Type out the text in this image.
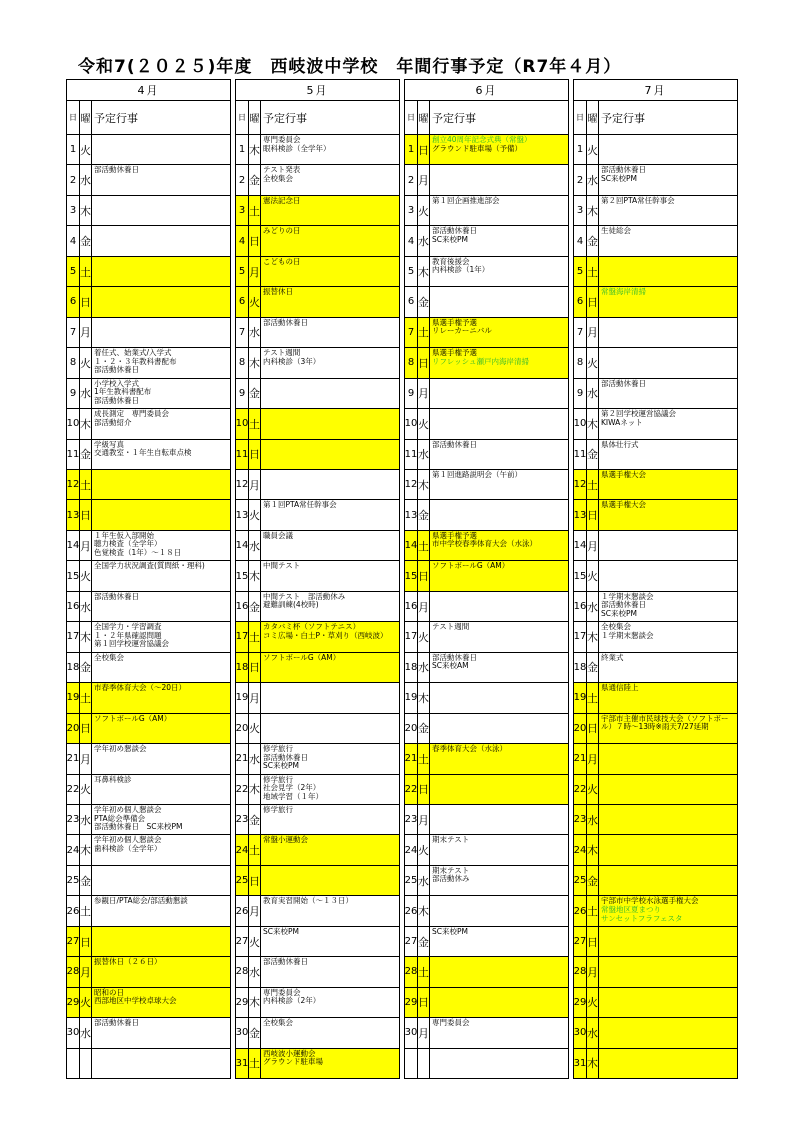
令和7(２０２５)年度　西岐波中学校　年間行事予定（R7年４月）
4月
日 曜 予定行事
1 火
2 水
部活動休養日
3 木
4 金
5 土
6 日
7 月
8 火
着任式、始業式/入学式
１・２・３年教科書配布
部活動休養日
9 水
小学校入学式
1年生教科書配布
部活動休養日
10 木
成長測定　専門委員会
部活動紹介
11 金
学級写真
交通教室・１年生自転車点検
12 土
13 日
14 月
１年生仮入部開始
聴力検査（全学年）
色覚検査（1年）～１８日
15 火
全国学力状況調査(質問紙・理科)
16 水
部活動休養日
17 木
全国学力・学習調査
１・２年県確認問題
第１回学校運営協議会
18 金
全校集会
19 土
市春季体育大会（～20日）
20 日
ソフトボールG（AM）
21 月
学年初め懇談会
22 火
耳鼻科検診
23 水
学年初め個人懇談会
PTA総会準備会
部活動休養日　SC来校PM
24 木
学年初め個人懇談会
歯科検診（全学年）
25 金
26 土
参観日/PTA総会/部活動懇談
27 日
28 月
振替休日（２６日）
29 火
昭和の日
西部地区中学校卓球大会
30 水
部活動休養日
5月
日 曜 予定行事
1 木
専門委員会
眼科検診（全学年）
2 金
テスト発表
全校集会
3 土
憲法記念日
4 日
みどりの日
5 月
こどもの日
6 火
振替休日
7 水
部活動休養日
8 木
テスト週間
内科検診（3年）
9 金
10 土
11 日
12 月
13 火
第１回PTA常任幹事会
14 水
職員会議
15 木
中間テスト
16 金
中間テスト　部活動休み
避難訓練(4校時)
17 土
カタバミ杯（ソフトテニス）
コミ広場・白土P・草刈り（西岐波）
18 日
ソフトボールG（AM）
19 月
20 火
21 水
修学旅行
部活動休養日
SC来校PM
22 木
修学旅行
社会見学（2年）
地域学習（１年）
23 金
修学旅行
24 土
常盤小運動会
25 日
26 月
教育実習開始（～１３日）
27 火
SC来校PM
28 水
部活動休養日
29 木
専門委員会
内科検診（2年）
30 金
全校集会
31 土
西岐波小運動会
グラウンド駐車場
6月
日 曜 予定行事
1 日
創立40周年記念式典（常盤）
グラウンド駐車場（予備）
2 月
3 火
第１回企画推進部会
4 水
部活動休養日
SC来校PM
5 木
教育後援会
内科検診（1年）
6 金
7 土
県選手権予選
リレーカーニバル
8 日
県選手権予選
リフレッシュ瀬戸内海岸清掃
9 月
10 火
11 水
部活動休養日
12 木
第１回進路説明会（午前）
13 金
14 土
県選手権予選
市中学校春季体育大会（水泳）
15 日
ソフトボールG（AM）
16 月
17 火
テスト週間
18 水
部活動休養日
SC来校AM
19 木
20 金
21 土
春季体育大会（水泳）
22 日
23 月
24 火
期末テスト
25 水
期末テスト
部活動休み
26 木
27 金
SC来校PM
28 土
29 日
30 月
専門委員会
7月
日 曜 予定行事
1 火
2 水
部活動休養日
SC来校PM
3 木
第２回PTA常任幹事会
4 金
生徒総会
5 土
6 日
常盤海岸清掃
7 月
8 火
9 水
部活動休養日
10 木
第２回学校運営協議会
KIWAネット
11 金
県体壮行式
12 土
県選手権大会
13 日
県選手権大会
14 月
15 火
16 水
１学期末懇談会
部活動休養日
SC来校PM
17 木
全校集会
１学期末懇談会
18 金
終業式
19 土
県通信陸上
20 日
宇部市主催市民球技大会（ソフトボール）７時～13時※雨天7/27延期
21 月
22 火
23 水
24 木
25 金
26 土
宇部市中学校水泳選手権大会
常盤地区夏まつり
サンセットフラフェスタ
27 日
28 月
29 火
30 水
31 木
